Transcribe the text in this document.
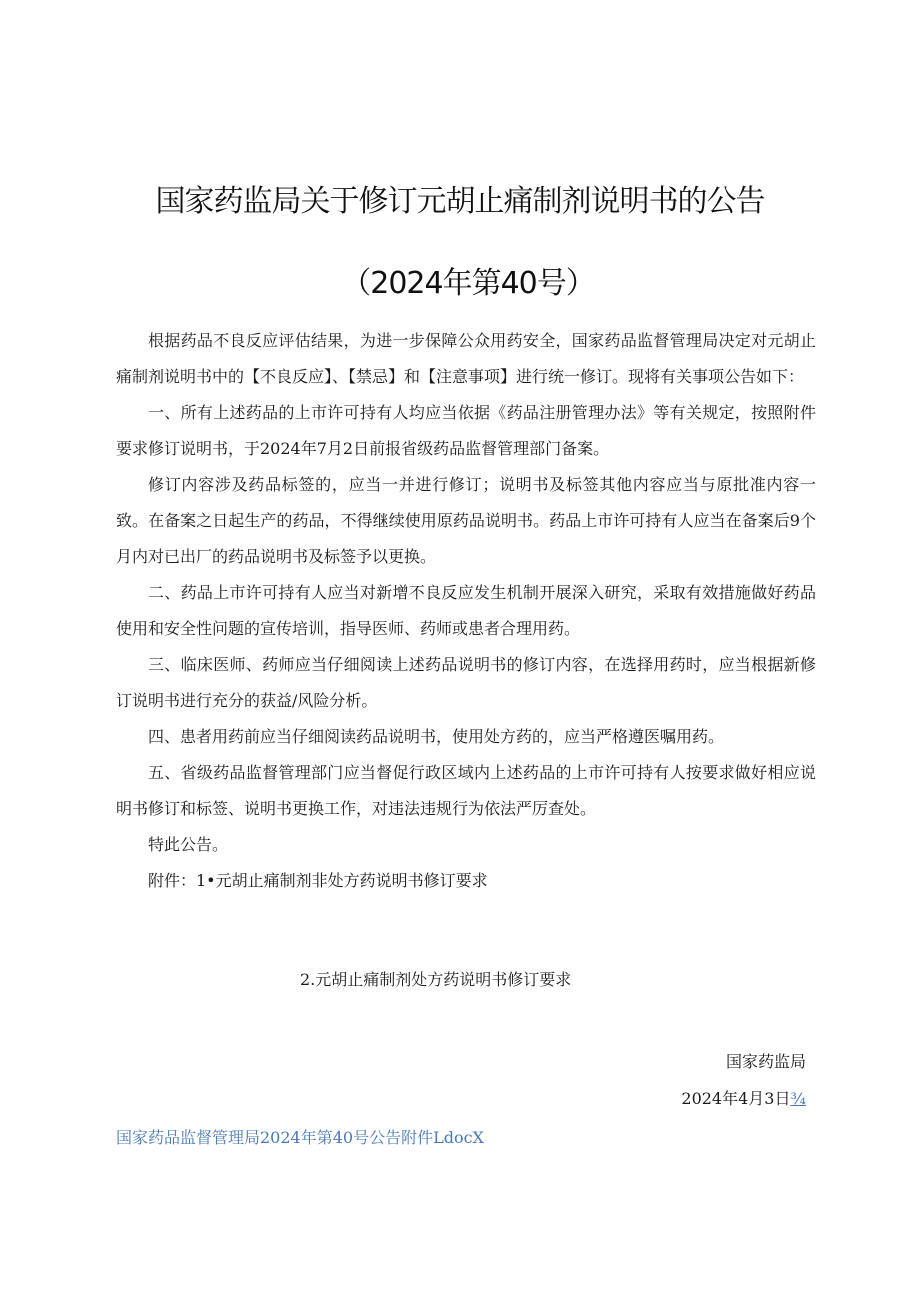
国家药监局关于修订元胡止痛制剂说明书的公告
（2024年第40号）

根据药品不良反应评估结果，为进一步保障公众用药安全，国家药品监督管理局决定对元胡止痛制剂说明书中的【不良反应】、【禁忌】和【注意事项】进行统一修订。现将有关事项公告如下：

一、所有上述药品的上市许可持有人均应当依据《药品注册管理办法》等有关规定，按照附件要求修订说明书，于2024年7月2日前报省级药品监督管理部门备案。

修订内容涉及药品标签的，应当一并进行修订；说明书及标签其他内容应当与原批准内容一致。在备案之日起生产的药品，不得继续使用原药品说明书。药品上市许可持有人应当在备案后9个月内对已出厂的药品说明书及标签予以更换。

二、药品上市许可持有人应当对新增不良反应发生机制开展深入研究，采取有效措施做好药品使用和安全性问题的宣传培训，指导医师、药师或患者合理用药。

三、临床医师、药师应当仔细阅读上述药品说明书的修订内容，在选择用药时，应当根据新修订说明书进行充分的获益/风险分析。

四、患者用药前应当仔细阅读药品说明书，使用处方药的，应当严格遵医嘱用药。

五、省级药品监督管理部门应当督促行政区域内上述药品的上市许可持有人按要求做好相应说明书修订和标签、说明书更换工作，对违法违规行为依法严厉查处。

特此公告。

附件：1•元胡止痛制剂非处方药说明书修订要求

2.元胡止痛制剂处方药说明书修订要求
国家药监局
2024年4月3日¾
国家药品监督管理局2024年第40号公告附件LdocX
